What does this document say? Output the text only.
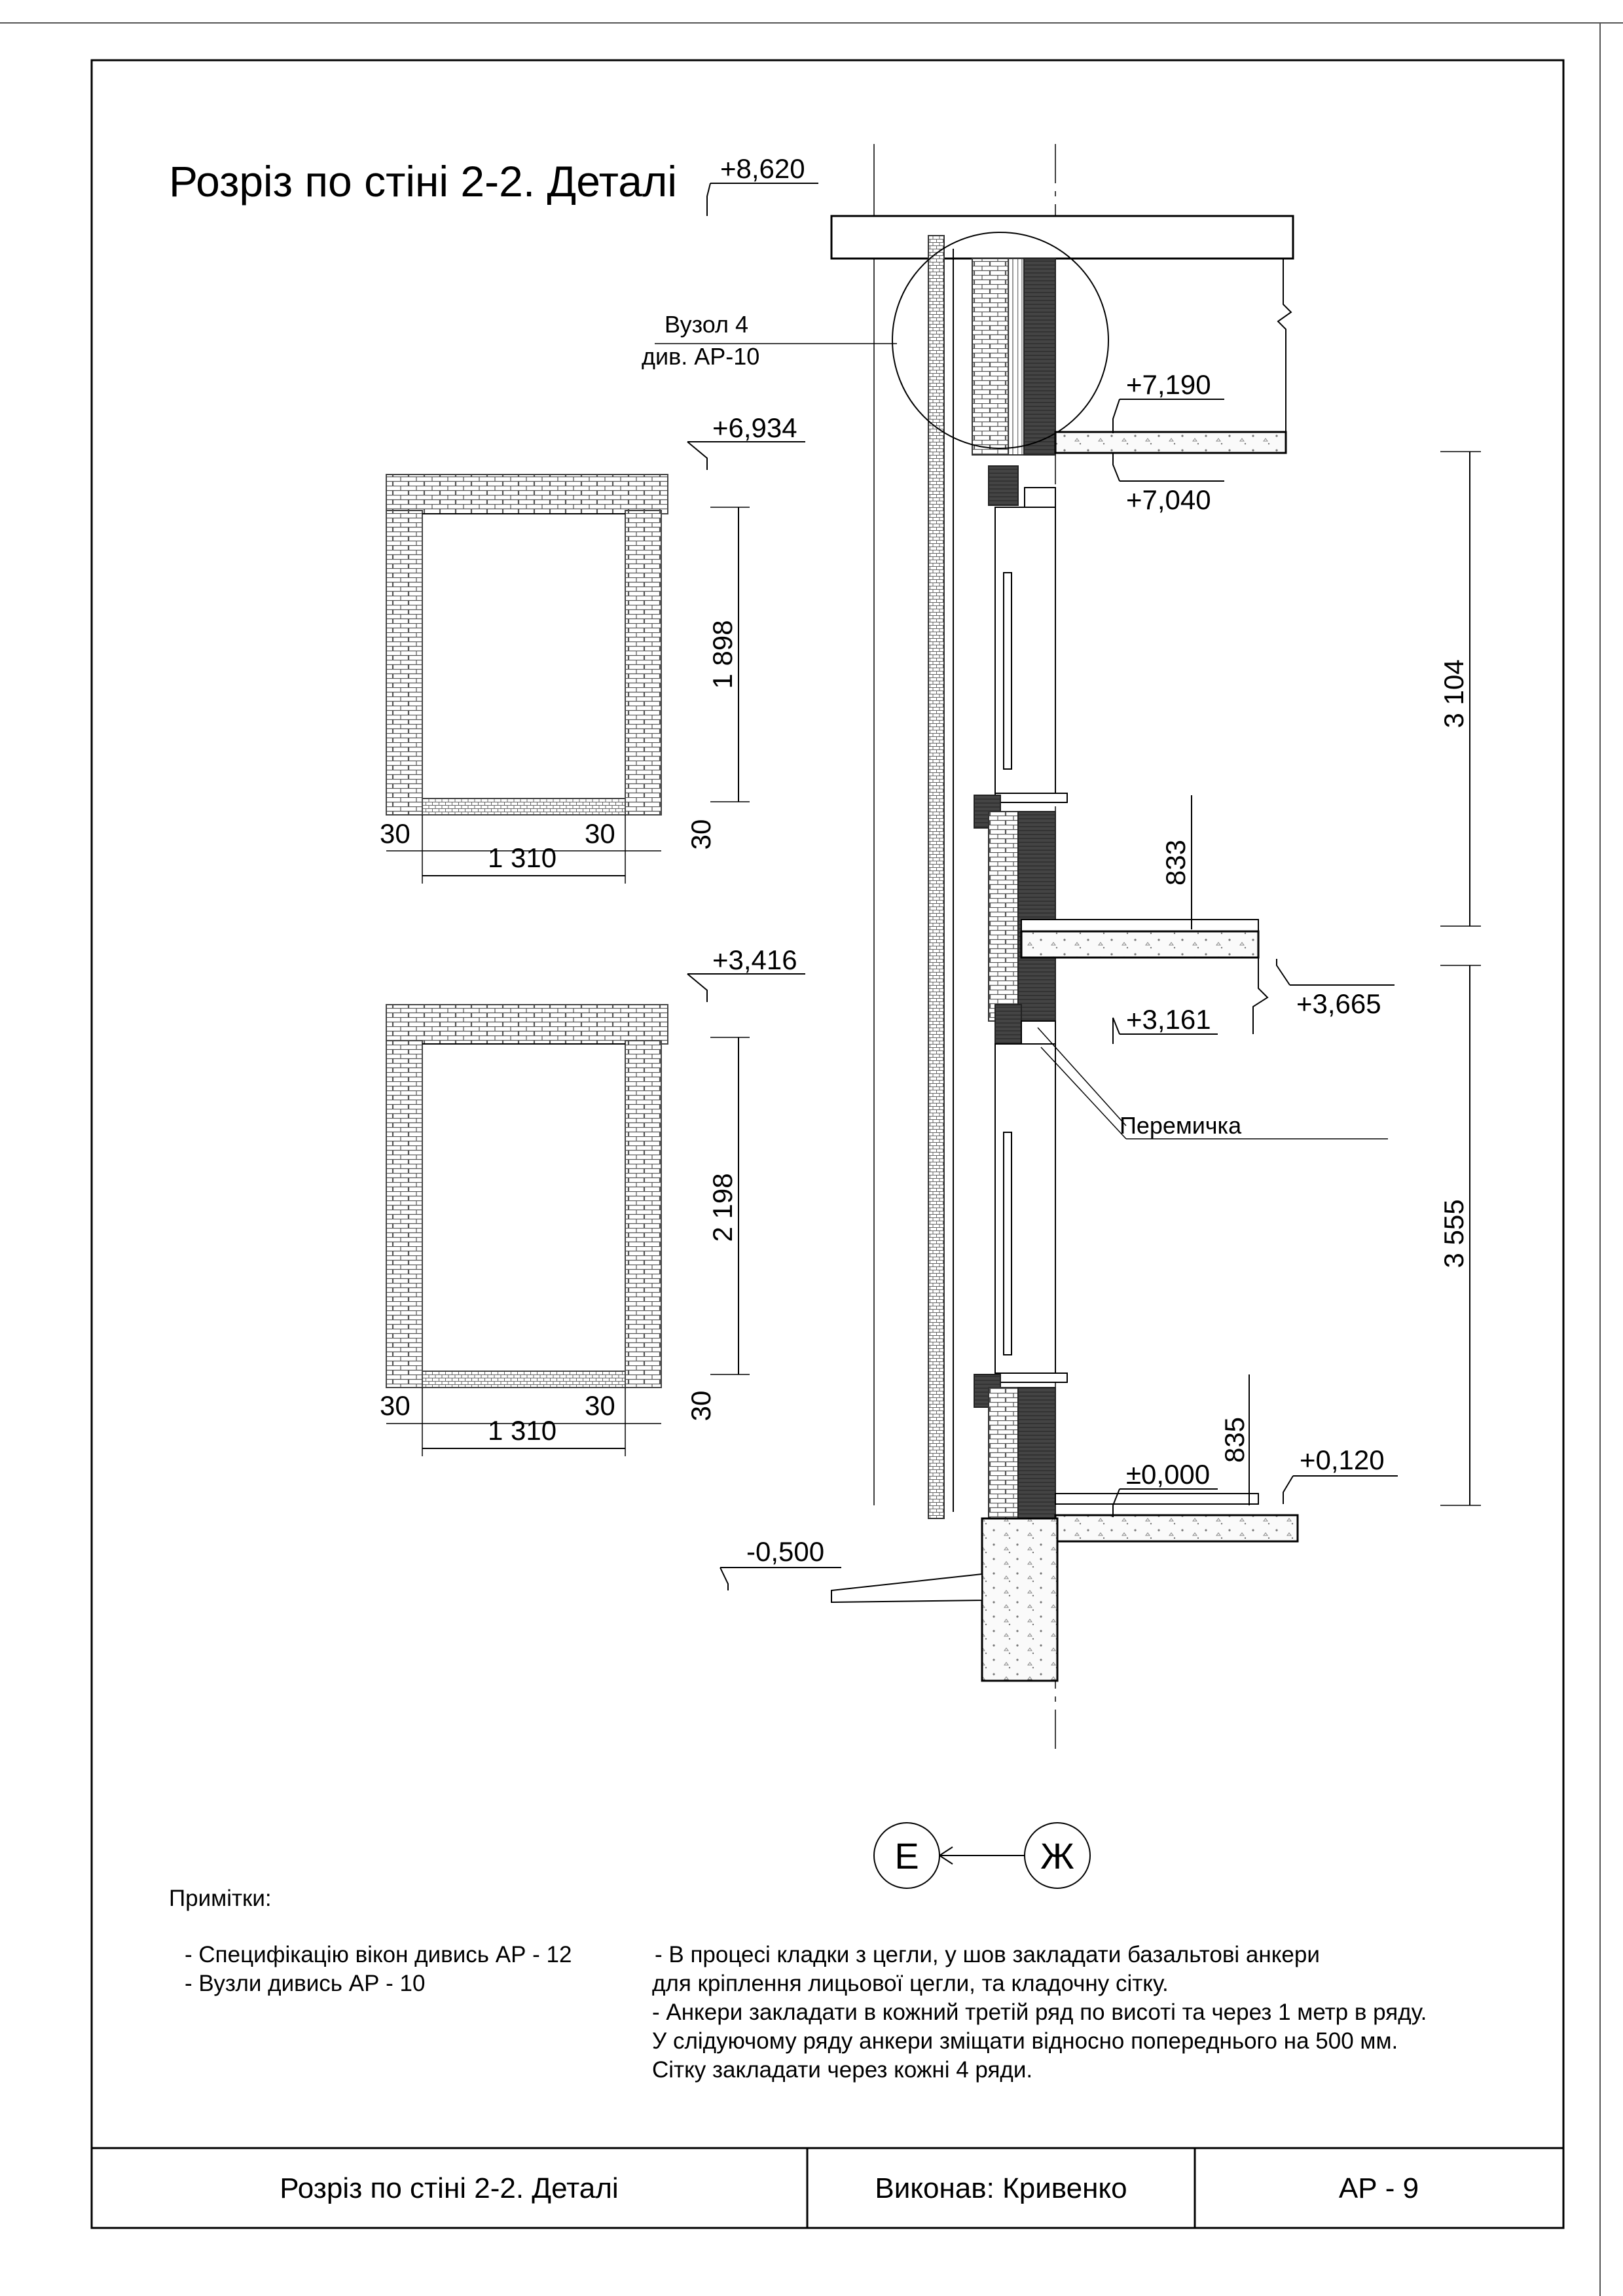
Розріз по стіні 2-2. Деталі
+6,934
1 898
30
1 310
30	30
+3,416
2 198
30
1 310
30	30
+8,620
Вузол 4
див. АР-10
+7,190
+7,040
+3,665
+3,161
Перемичка
±0,000	+0,120
-0,500
833
835
3 104
3 555
Е	Ж
Примітки:
- Специфікацію вікон дивись АР - 12
- Вузли дивись АР - 10
- В процесі кладки з цегли, у шов закладати базальтові анкери
для кріплення лицьової цегли, та кладочну сітку.
- Анкери закладати в кожний третій ряд по висоті та через 1 метр в ряду.
У слідуючому ряду анкери зміщати відносно попереднього на 500 мм.
Сітку закладати через кожні 4 ряди.
Розріз по стіні 2-2. Деталі	Виконав: Кривенко	АР - 9
